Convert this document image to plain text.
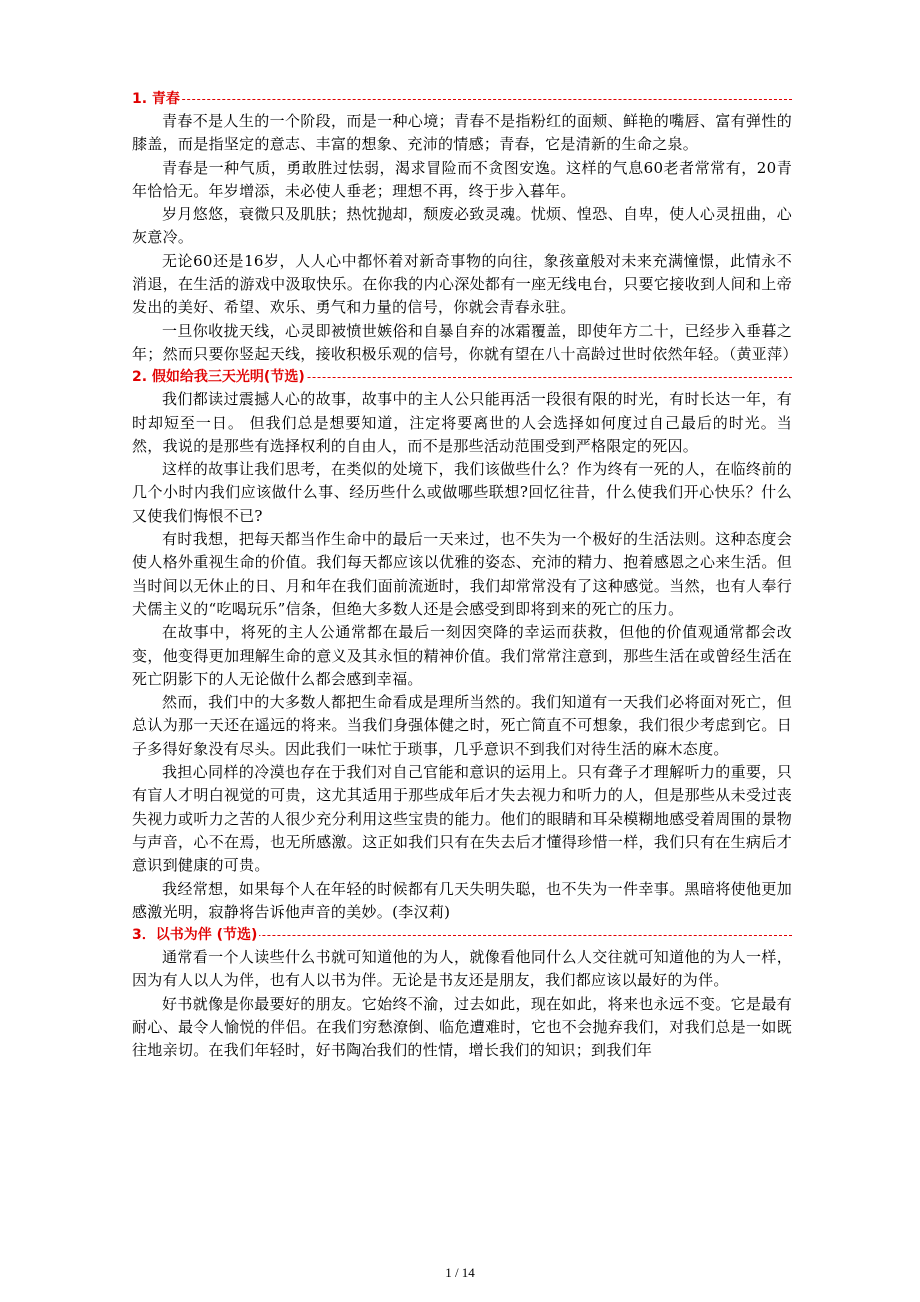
1. 青春

青春不是人生的一个阶段，而是一种心境；青春不是指粉红的面颊、鲜艳的嘴唇、富有弹性的膝盖，而是指坚定的意志、丰富的想象、充沛的情感；青春，它是清新的生命之泉。

青春是一种气质，勇敢胜过怯弱，渴求冒险而不贪图安逸。这样的气息60老者常常有，20青年恰恰无。年岁增添，未必使人垂老；理想不再，终于步入暮年。

岁月悠悠，衰微只及肌肤；热忱抛却，颓废必致灵魂。忧烦、惶恐、自卑，使人心灵扭曲，心灰意冷。

无论60还是16岁，人人心中都怀着对新奇事物的向往，象孩童般对未来充满憧憬，此情永不消退，在生活的游戏中汲取快乐。在你我的内心深处都有一座无线电台，只要它接收到人间和上帝发出的美好、希望、欢乐、勇气和力量的信号，你就会青春永驻。

一旦你收拢天线，心灵即被愤世嫉俗和自暴自弃的冰霜覆盖，即使年方二十，已经步入垂暮之年；然而只要你竖起天线，接收积极乐观的信号，你就有望在八十高龄过世时依然年轻。（黄亚萍）

2. 假如给我三天光明(节选)

我们都读过震撼人心的故事，故事中的主人公只能再活一段很有限的时光，有时长达一年，有时却短至一日。 但我们总是想要知道，注定将要离世的人会选择如何度过自己最后的时光。当然，我说的是那些有选择权利的自由人，而不是那些活动范围受到严格限定的死囚。

这样的故事让我们思考，在类似的处境下，我们该做些什么？作为终有一死的人，在临终前的几个小时内我们应该做什么事、经历些什么或做哪些联想?回忆往昔，什么使我们开心快乐？什么又使我们悔恨不已?

有时我想，把每天都当作生命中的最后一天来过，也不失为一个极好的生活法则。这种态度会使人格外重视生命的价值。我们每天都应该以优雅的姿态、充沛的精力、抱着感恩之心来生活。但当时间以无休止的日、月和年在我们面前流逝时，我们却常常没有了这种感觉。当然，也有人奉行犬儒主义的“吃喝玩乐”信条，但绝大多数人还是会感受到即将到来的死亡的压力。

在故事中，将死的主人公通常都在最后一刻因突降的幸运而获救，但他的价值观通常都会改变，他变得更加理解生命的意义及其永恒的精神价值。我们常常注意到，那些生活在或曾经生活在死亡阴影下的人无论做什么都会感到幸福。

然而，我们中的大多数人都把生命看成是理所当然的。我们知道有一天我们必将面对死亡，但总认为那一天还在遥远的将来。当我们身强体健之时，死亡简直不可想象，我们很少考虑到它。日子多得好象没有尽头。因此我们一味忙于琐事，几乎意识不到我们对待生活的麻木态度。

我担心同样的冷漠也存在于我们对自己官能和意识的运用上。只有聋子才理解听力的重要，只有盲人才明白视觉的可贵，这尤其适用于那些成年后才失去视力和听力的人，但是那些从未受过丧失视力或听力之苦的人很少充分利用这些宝贵的能力。他们的眼睛和耳朵模糊地感受着周围的景物与声音，心不在焉，也无所感激。这正如我们只有在失去后才懂得珍惜一样，我们只有在生病后才意识到健康的可贵。

我经常想，如果每个人在年轻的时候都有几天失明失聪，也不失为一件幸事。黑暗将使他更加感激光明，寂静将告诉他声音的美妙。(李汉莉)

3．以书为伴 (节选)

通常看一个人读些什么书就可知道他的为人，就像看他同什么人交往就可知道他的为人一样，因为有人以人为伴，也有人以书为伴。无论是书友还是朋友，我们都应该以最好的为伴。

好书就像是你最要好的朋友。它始终不渝，过去如此，现在如此，将来也永远不变。它是最有耐心、最令人愉悦的伴侣。在我们穷愁潦倒、临危遭难时，它也不会抛弃我们，对我们总是一如既往地亲切。在我们年轻时，好书陶冶我们的性情，增长我们的知识；到我们年

1 / 14
